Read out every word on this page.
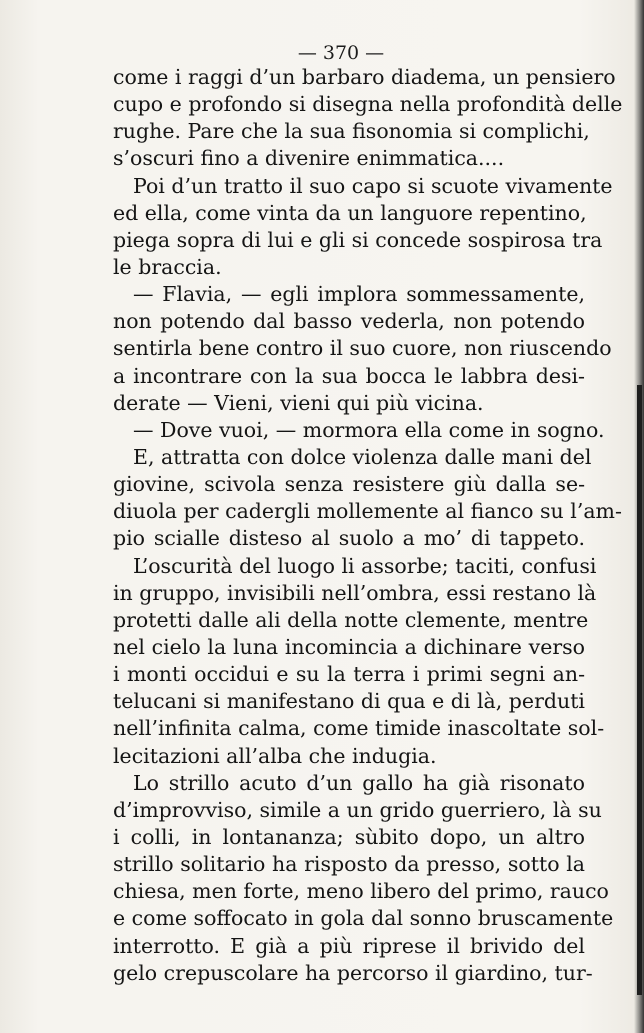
— 370 —
come i raggi d’un barbaro diadema, un pensiero
cupo e profondo si disegna nella profondità delle
rughe. Pare che la sua fisonomia si complichi,
s’oscuri fino a divenire enimmatica....
Poi d’un tratto il suo capo si scuote vivamente
ed ella, come vinta da un languore repentino,
piega sopra di lui e gli si concede sospirosa tra
le braccia.
— Flavia, — egli implora sommessamente,
non potendo dal basso vederla, non potendo
sentirla bene contro il suo cuore, non riuscendo
a incontrare con la sua bocca le labbra desi-
derate — Vieni, vieni qui più vicina.
— Dove vuoi, — mormora ella come in sogno.
E, attratta con dolce violenza dalle mani del
giovine, scivola senza resistere giù dalla se-
diuola per cadergli mollemente al fianco su l’am-
pio scialle disteso al suolo a mo’ di tappeto.
L’oscurità del luogo li assorbe; taciti, confusi
in gruppo, invisibili nell’ombra, essi restano là
protetti dalle ali della notte clemente, mentre
nel cielo la luna incomincia a dichinare verso
i monti occidui e su la terra i primi segni an-
telucani si manifestano di qua e di là, perduti
nell’infinita calma, come timide inascoltate sol-
lecitazioni all’alba che indugia.
Lo strillo acuto d’un gallo ha già risonato
d’improvviso, simile a un grido guerriero, là su
i colli, in lontananza; sùbito dopo, un altro
strillo solitario ha risposto da presso, sotto la
chiesa, men forte, meno libero del primo, rauco
e come soffocato in gola dal sonno bruscamente
interrotto. E già a più riprese il brivido del
gelo crepuscolare ha percorso il giardino, tur-
